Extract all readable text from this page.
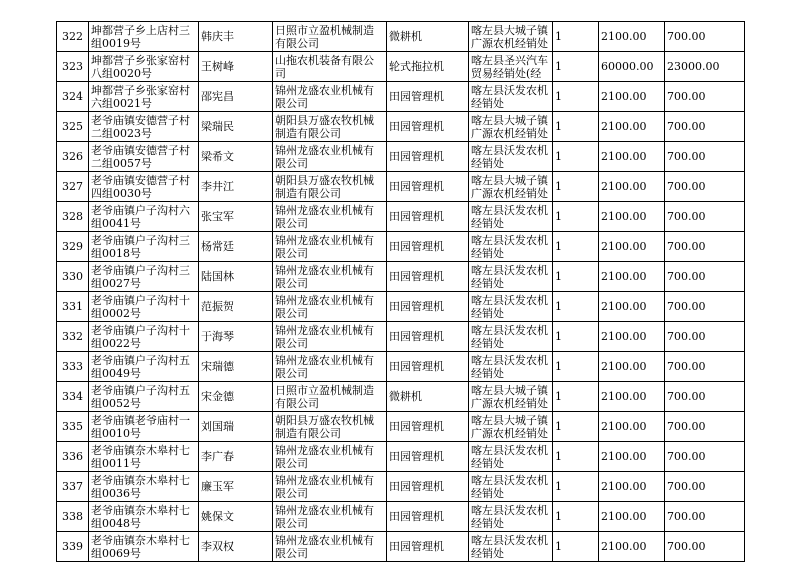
322	坤都营子乡上店村三组0019号	韩庆丰	日照市立盈机械制造有限公司	微耕机	喀左县大城子镇广源农机经销处	1	2100.00	700.00

323	坤都营子乡张家窑村八组0020号	王树峰	山拖农机装备有限公司	轮式拖拉机	喀左县圣兴汽车贸易经销处(经	1	60000.00	23000.00

324	坤都营子乡张家窑村六组0021号	邵宪昌	锦州龙盛农业机械有限公司	田园管理机	喀左县沃发农机经销处	1	2100.00	700.00

325	老爷庙镇安德营子村二组0023号	梁瑞民	朝阳县万盛农牧机械制造有限公司	田园管理机	喀左县大城子镇广源农机经销处	1	2100.00	700.00

326	老爷庙镇安德营子村二组0057号	梁希文	锦州龙盛农业机械有限公司	田园管理机	喀左县沃发农机经销处	1	2100.00	700.00

327	老爷庙镇安德营子村四组0030号	李井江	朝阳县万盛农牧机械制造有限公司	田园管理机	喀左县大城子镇广源农机经销处	1	2100.00	700.00

328	老爷庙镇户子沟村六组0041号	张宝军	锦州龙盛农业机械有限公司	田园管理机	喀左县沃发农机经销处	1	2100.00	700.00

329	老爷庙镇户子沟村三组0018号	杨常廷	锦州龙盛农业机械有限公司	田园管理机	喀左县沃发农机经销处	1	2100.00	700.00

330	老爷庙镇户子沟村三组0027号	陆国林	锦州龙盛农业机械有限公司	田园管理机	喀左县沃发农机经销处	1	2100.00	700.00

331	老爷庙镇户子沟村十组0002号	范振贺	锦州龙盛农业机械有限公司	田园管理机	喀左县沃发农机经销处	1	2100.00	700.00

332	老爷庙镇户子沟村十组0022号	于海琴	锦州龙盛农业机械有限公司	田园管理机	喀左县沃发农机经销处	1	2100.00	700.00

333	老爷庙镇户子沟村五组0049号	宋瑞德	锦州龙盛农业机械有限公司	田园管理机	喀左县沃发农机经销处	1	2100.00	700.00

334	老爷庙镇户子沟村五组0052号	宋金德	日照市立盈机械制造有限公司	微耕机	喀左县大城子镇广源农机经销处	1	2100.00	700.00

335	老爷庙镇老爷庙村一组0010号	刘国瑞	朝阳县万盛农牧机械制造有限公司	田园管理机	喀左县大城子镇广源农机经销处	1	2100.00	700.00

336	老爷庙镇奈木皋村七组0011号	李广春	锦州龙盛农业机械有限公司	田园管理机	喀左县沃发农机经销处	1	2100.00	700.00

337	老爷庙镇奈木皋村七组0036号	廉玉军	锦州龙盛农业机械有限公司	田园管理机	喀左县沃发农机经销处	1	2100.00	700.00

338	老爷庙镇奈木皋村七组0048号	姚保文	锦州龙盛农业机械有限公司	田园管理机	喀左县沃发农机经销处	1	2100.00	700.00

339	老爷庙镇奈木皋村七组0069号	李双权	锦州龙盛农业机械有限公司	田园管理机	喀左县沃发农机经销处	1	2100.00	700.00
